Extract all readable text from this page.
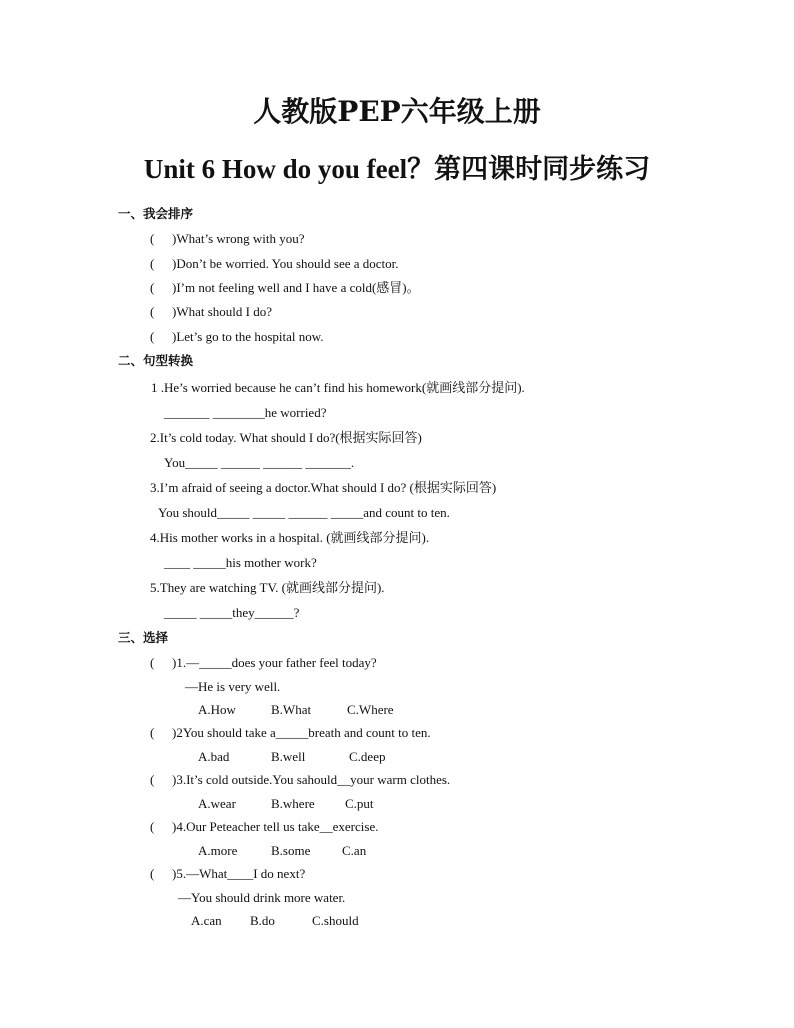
人教版PEP六年级上册
Unit 6 How do you feel？第四课时同步练习
一、我会排序
( )What’s wrong with you?
( )Don’t be worried. You should see a doctor.
( )I’m not feeling well and I have a cold(感冒)。
( )What should I do?
( )Let’s go to the hospital now.
二、句型转换
1 .He’s worried because he can’t find his homework(就画线部分提问).
_______ ________he worried?
2.It’s cold today. What should I do?(根据实际回答)
You_____ ______ ______ _______.
3.I’m afraid of seeing a doctor.What should I do? (根据实际回答)
You should_____ _____ ______ _____and count to ten.
4.His mother works in a hospital. (就画线部分提问).
____ _____his mother work?
5.They are watching TV. (就画线部分提问).
_____ _____they______?
三、选择
( )1.—_____does your father feel today?
—He is very well.
A.How	B.What	C.Where
( )2You should take a_____breath and count to ten.
A.bad	B.well	C.deep
( )3.It’s cold outside.You sahould__your warm clothes.
A.wear	B.where C.put
( )4.Our Peteacher tell us take__exercise.
A.more	B.some C.an
( )5.—What____I do next?
—You should drink more water.
A.can B.do	C.should
